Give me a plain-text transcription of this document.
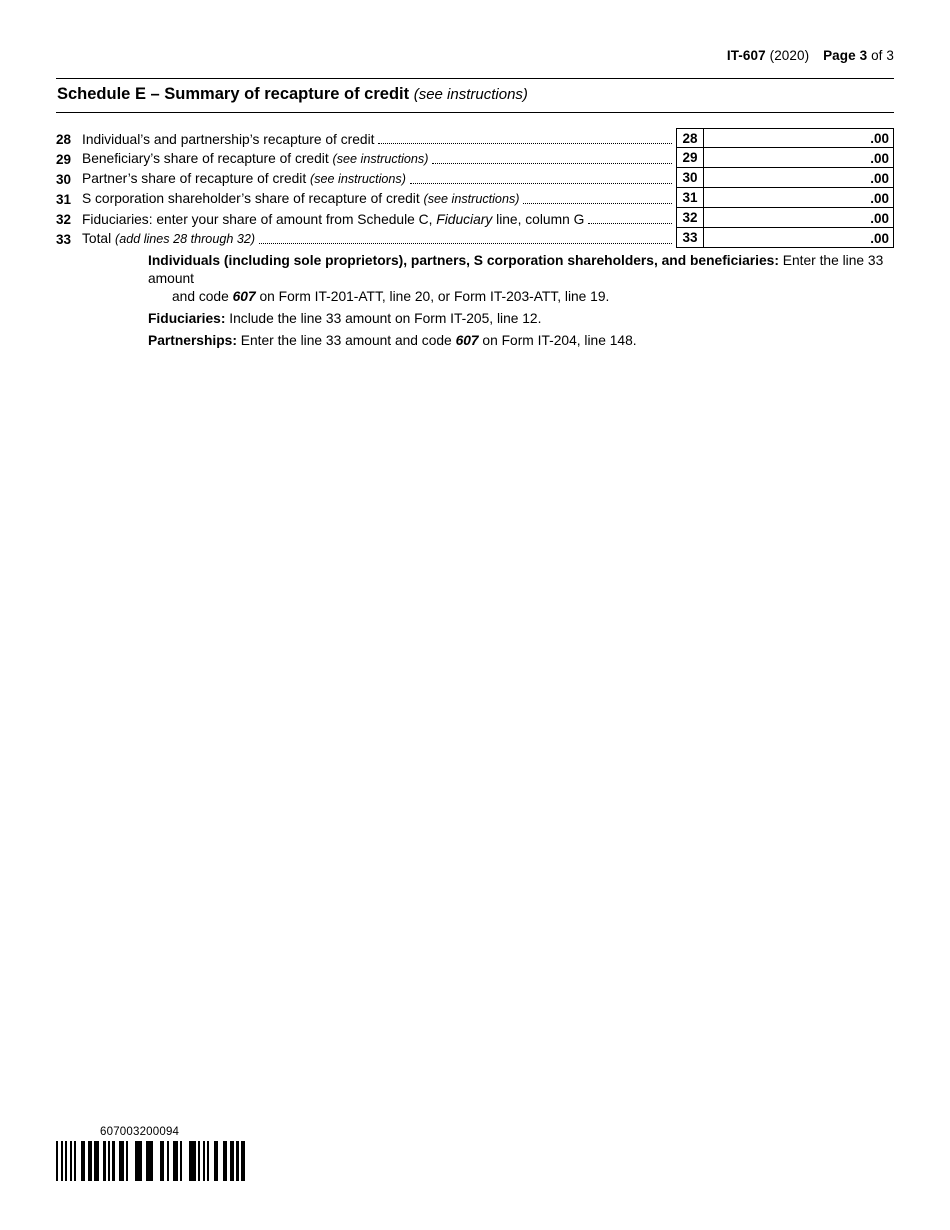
IT-607 (2020) Page 3 of 3
Schedule E – Summary of recapture of credit (see instructions)
28 Individual’s and partnership’s recapture of credit	28	.00
29 Beneficiary’s share of recapture of credit (see instructions)	29	.00
30 Partner’s share of recapture of credit (see instructions)	30	.00
31 S corporation shareholder’s share of recapture of credit (see instructions)	31	.00
32 Fiduciaries: enter your share of amount from Schedule C, Fiduciary line, column G	32	.00
33 Total (add lines 28 through 32)	33	.00

Individuals (including sole proprietors), partners, S corporation shareholders, and beneficiaries: Enter the line 33 amount
and code 607 on Form IT-201-ATT, line 20, or Form IT-203-ATT, line 19.

Fiduciaries: Include the line 33 amount on Form IT-205, line 12.

Partnerships: Enter the line 33 amount and code 607 on Form IT-204, line 148.

607003200094
